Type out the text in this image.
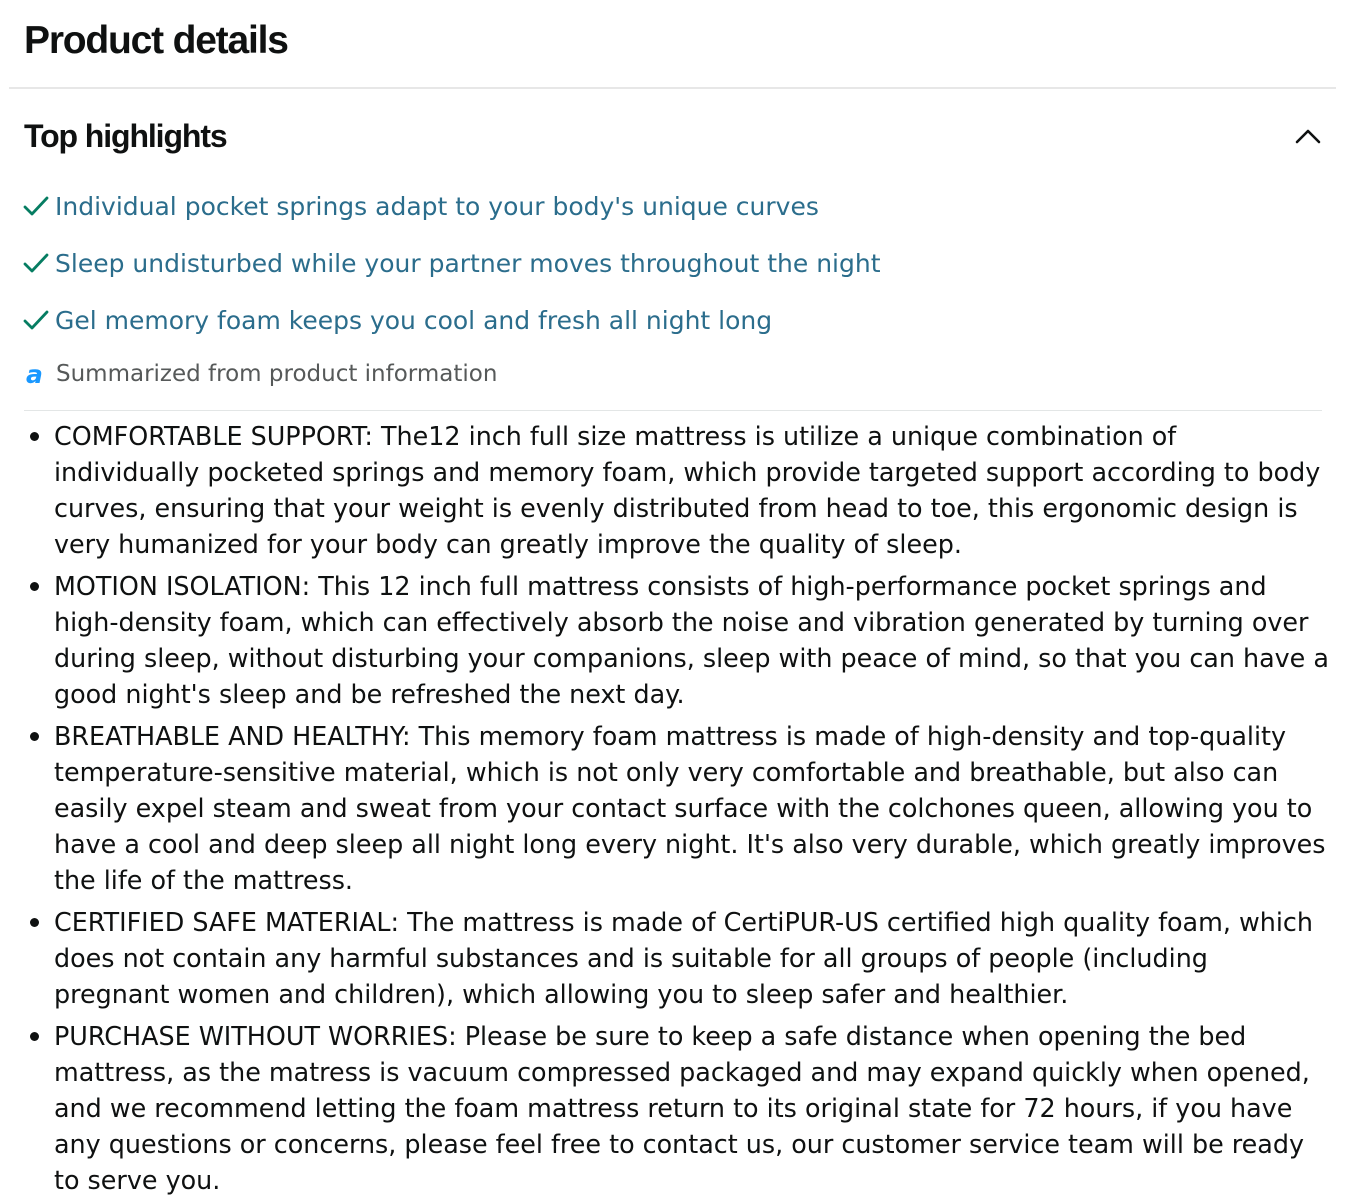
Product details
Top highlights
Individual pocket springs adapt to your body's unique curves
Sleep undisturbed while your partner moves throughout the night
Gel memory foam keeps you cool and fresh all night long
a Summarized from product information
COMFORTABLE SUPPORT: The12 inch full size mattress is utilize a unique combination of individually pocketed springs and memory foam, which provide targeted support according to body curves, ensuring that your weight is evenly distributed from head to toe, this ergonomic design is very humanized for your body can greatly improve the quality of sleep.
MOTION ISOLATION: This 12 inch full mattress consists of high-performance pocket springs and high-density foam, which can effectively absorb the noise and vibration generated by turning over during sleep, without disturbing your companions, sleep with peace of mind, so that you can have a good night's sleep and be refreshed the next day.
BREATHABLE AND HEALTHY: This memory foam mattress is made of high-density and top-quality temperature-sensitive material, which is not only very comfortable and breathable, but also can easily expel steam and sweat from your contact surface with the colchones queen, allowing you to have a cool and deep sleep all night long every night. It's also very durable, which greatly improves the life of the mattress.
CERTIFIED SAFE MATERIAL: The mattress is made of CertiPUR-US certified high quality foam, which does not contain any harmful substances and is suitable for all groups of people (including pregnant women and children), which allowing you to sleep safer and healthier.
PURCHASE WITHOUT WORRIES: Please be sure to keep a safe distance when opening the bed mattress, as the matress is vacuum compressed packaged and may expand quickly when opened, and we recommend letting the foam mattress return to its original state for 72 hours, if you have any questions or concerns, please feel free to contact us, our customer service team will be ready to serve you.
